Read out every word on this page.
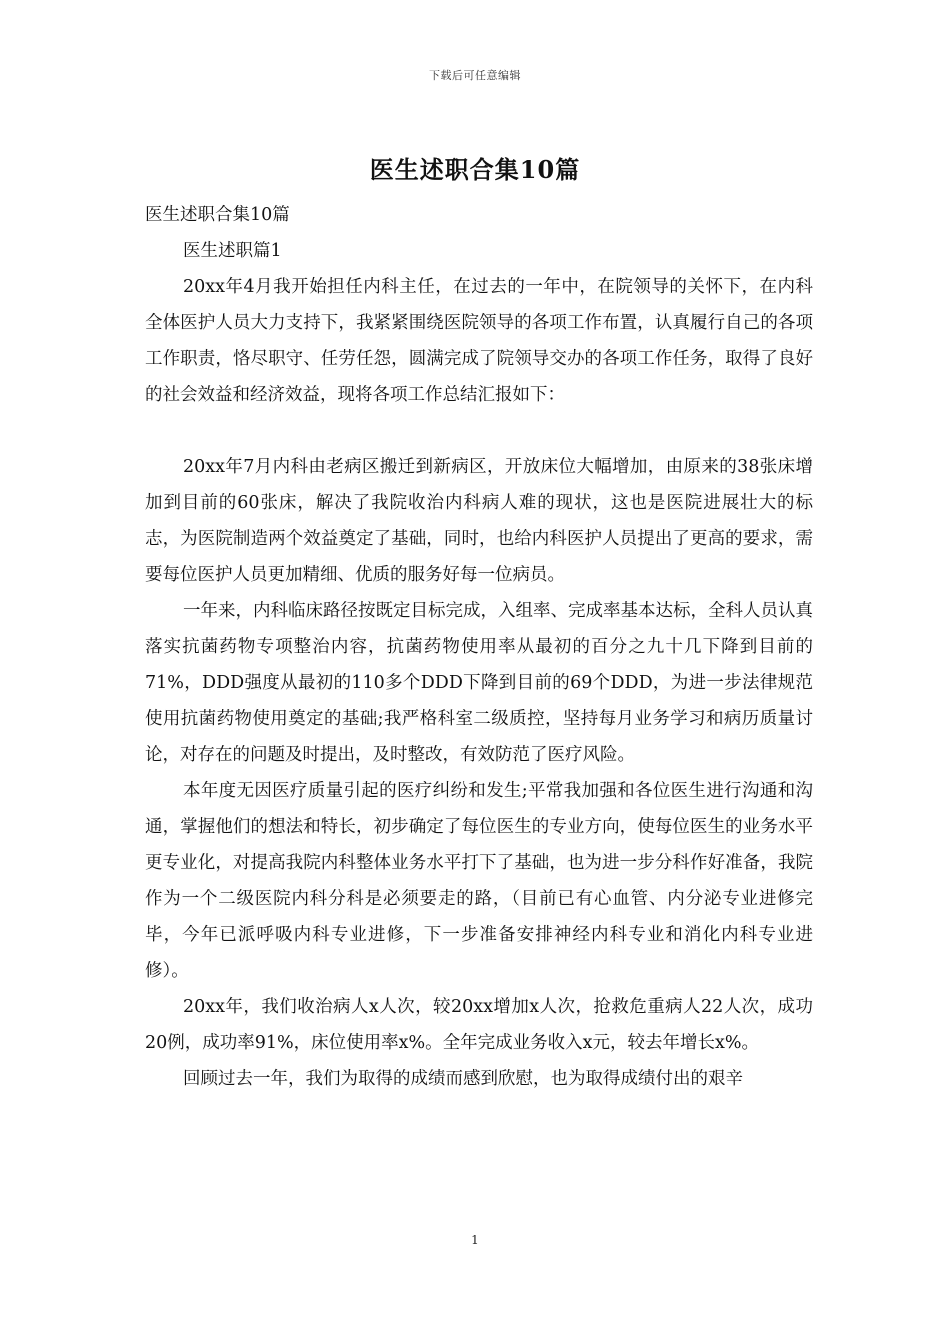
下载后可任意编辑
医生述职合集10篇

医生述职合集10篇

医生述职篇1

20xx年4月我开始担任内科主任，在过去的一年中，在院领导的关怀下，在内科全体医护人员大力支持下，我紧紧围绕医院领导的各项工作布置，认真履行自己的各项工作职责，恪尽职守、任劳任怨，圆满完成了院领导交办的各项工作任务，取得了良好的社会效益和经济效益，现将各项工作总结汇报如下：

20xx年7月内科由老病区搬迁到新病区，开放床位大幅增加，由原来的38张床增加到目前的60张床，解决了我院收治内科病人难的现状，这也是医院进展壮大的标志，为医院制造两个效益奠定了基础，同时，也给内科医护人员提出了更高的要求，需要每位医护人员更加精细、优质的服务好每一位病员。

一年来，内科临床路径按既定目标完成，入组率、完成率基本达标，全科人员认真落实抗菌药物专项整治内容，抗菌药物使用率从最初的百分之九十几下降到目前的71%，DDD强度从最初的110多个DDD下降到目前的69个DDD，为进一步法律规范使用抗菌药物使用奠定的基础;我严格科室二级质控，坚持每月业务学习和病历质量讨论，对存在的问题及时提出，及时整改，有效防范了医疗风险。

本年度无因医疗质量引起的医疗纠纷和发生;平常我加强和各位医生进行沟通和沟通，掌握他们的想法和特长，初步确定了每位医生的专业方向，使每位医生的业务水平更专业化，对提高我院内科整体业务水平打下了基础，也为进一步分科作好准备，我院作为一个二级医院内科分科是必须要走的路，（目前已有心血管、内分泌专业进修完毕，今年已派呼吸内科专业进修，下一步准备安排神经内科专业和消化内科专业进修）。

20xx年，我们收治病人x人次，较20xx增加x人次，抢救危重病人22人次，成功20例，成功率91%，床位使用率x%。全年完成业务收入x元，较去年增长x%。

回顾过去一年，我们为取得的成绩而感到欣慰，也为取得成绩付出的艰辛

1
